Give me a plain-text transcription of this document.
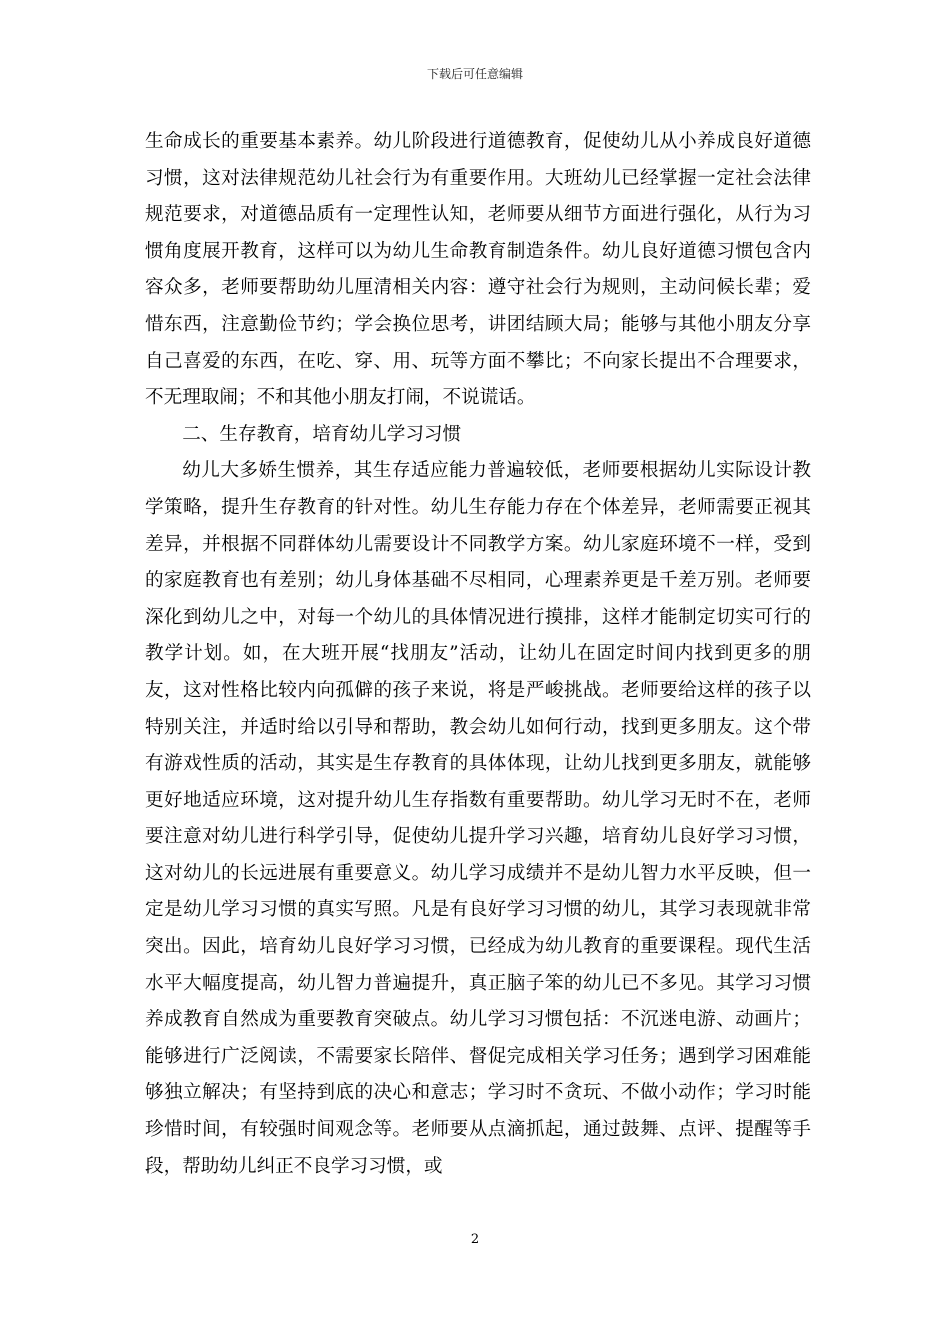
下载后可任意编辑

生命成长的重要基本素养。幼儿阶段进行道德教育，促使幼儿从小养成良好道德习惯，这对法律规范幼儿社会行为有重要作用。大班幼儿已经掌握一定社会法律规范要求，对道德品质有一定理性认知，老师要从细节方面进行强化，从行为习惯角度展开教育，这样可以为幼儿生命教育制造条件。幼儿良好道德习惯包含内容众多，老师要帮助幼儿厘清相关内容：遵守社会行为规则，主动问候长辈；爱惜东西，注意勤俭节约；学会换位思考，讲团结顾大局；能够与其他小朋友分享自己喜爱的东西，在吃、穿、用、玩等方面不攀比；不向家长提出不合理要求，不无理取闹；不和其他小朋友打闹，不说谎话。

二、生存教育，培育幼儿学习习惯

幼儿大多娇生惯养，其生存适应能力普遍较低，老师要根据幼儿实际设计教学策略，提升生存教育的针对性。幼儿生存能力存在个体差异，老师需要正视其差异，并根据不同群体幼儿需要设计不同教学方案。幼儿家庭环境不一样，受到的家庭教育也有差别；幼儿身体基础不尽相同，心理素养更是千差万别。老师要深化到幼儿之中，对每一个幼儿的具体情况进行摸排，这样才能制定切实可行的教学计划。如，在大班开展“找朋友”活动，让幼儿在固定时间内找到更多的朋友，这对性格比较内向孤僻的孩子来说，将是严峻挑战。老师要给这样的孩子以特别关注，并适时给以引导和帮助，教会幼儿如何行动，找到更多朋友。这个带有游戏性质的活动，其实是生存教育的具体体现，让幼儿找到更多朋友，就能够更好地适应环境，这对提升幼儿生存指数有重要帮助。幼儿学习无时不在，老师要注意对幼儿进行科学引导，促使幼儿提升学习兴趣，培育幼儿良好学习习惯，这对幼儿的长远进展有重要意义。幼儿学习成绩并不是幼儿智力水平反映，但一定是幼儿学习习惯的真实写照。凡是有良好学习习惯的幼儿，其学习表现就非常突出。因此，培育幼儿良好学习习惯，已经成为幼儿教育的重要课程。现代生活水平大幅度提高，幼儿智力普遍提升，真正脑子笨的幼儿已不多见。其学习习惯养成教育自然成为重要教育突破点。幼儿学习习惯包括：不沉迷电游、动画片；能够进行广泛阅读，不需要家长陪伴、督促完成相关学习任务；遇到学习困难能够独立解决；有坚持到底的决心和意志；学习时不贪玩、不做小动作；学习时能珍惜时间，有较强时间观念等。老师要从点滴抓起，通过鼓舞、点评、提醒等手段，帮助幼儿纠正不良学习习惯，或

2
